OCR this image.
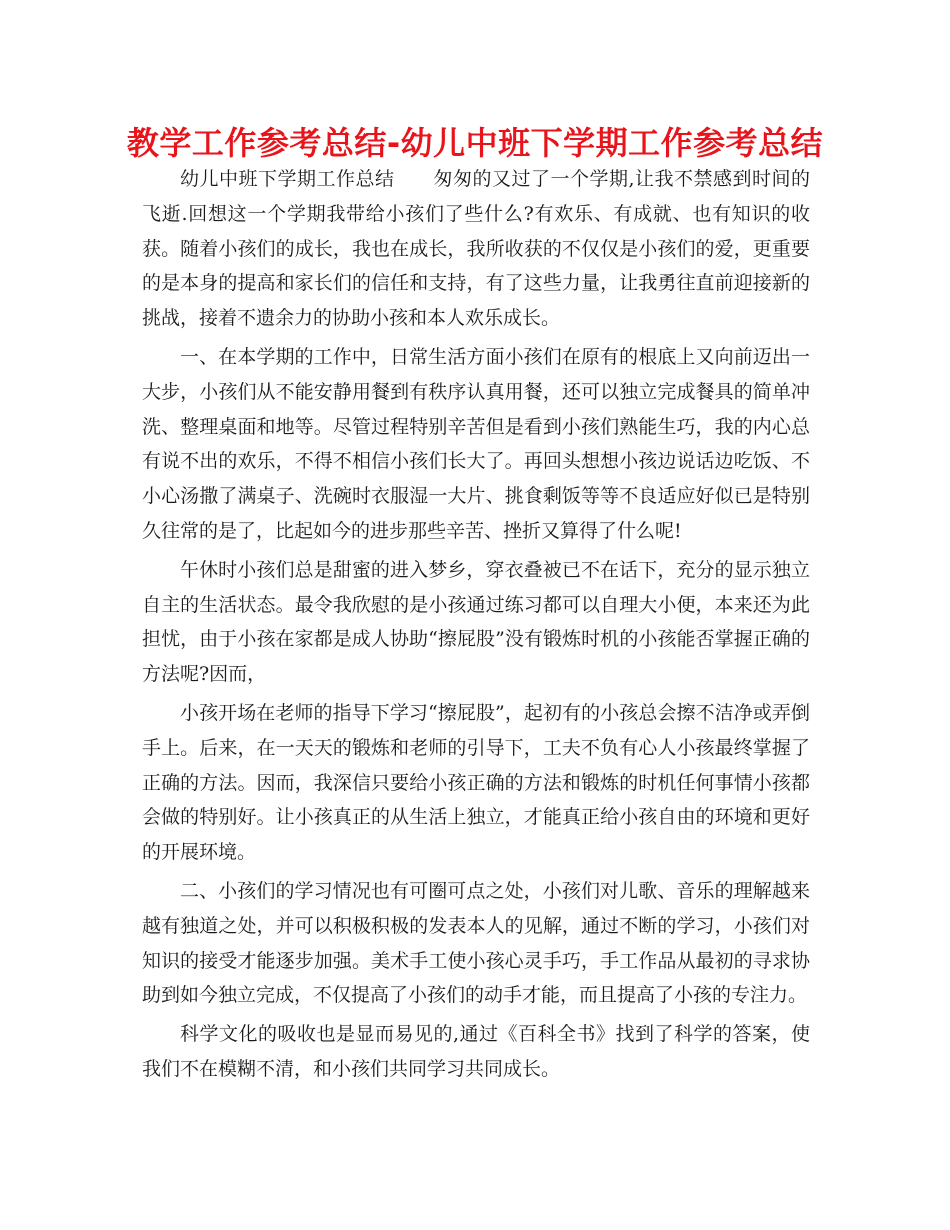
教学工作参考总结-幼儿中班下学期工作参考总结

幼儿中班下学期工作总结　　匆匆的又过了一个学期,让我不禁感到时间的飞逝.回想这一个学期我带给小孩们了些什么?有欢乐、有成就、也有知识的收获。随着小孩们的成长，我也在成长，我所收获的不仅仅是小孩们的爱，更重要的是本身的提高和家长们的信任和支持，有了这些力量，让我勇往直前迎接新的挑战，接着不遗余力的协助小孩和本人欢乐成长。

一、在本学期的工作中，日常生活方面小孩们在原有的根底上又向前迈出一大步，小孩们从不能安静用餐到有秩序认真用餐，还可以独立完成餐具的简单冲洗、整理桌面和地等。尽管过程特别辛苦但是看到小孩们熟能生巧，我的内心总有说不出的欢乐，不得不相信小孩们长大了。再回头想想小孩边说话边吃饭、不小心汤撒了满桌子、洗碗时衣服湿一大片、挑食剩饭等等不良适应好似已是特别久往常的是了，比起如今的进步那些辛苦、挫折又算得了什么呢!

午休时小孩们总是甜蜜的进入梦乡，穿衣叠被已不在话下，充分的显示独立自主的生活状态。最令我欣慰的是小孩通过练习都可以自理大小便，本来还为此担忧，由于小孩在家都是成人协助“擦屁股”没有锻炼时机的小孩能否掌握正确的方法呢?因而，

小孩开场在老师的指导下学习“擦屁股”，起初有的小孩总会擦不洁净或弄倒手上。后来，在一天天的锻炼和老师的引导下，工夫不负有心人小孩最终掌握了正确的方法。因而，我深信只要给小孩正确的方法和锻炼的时机任何事情小孩都会做的特别好。让小孩真正的从生活上独立，才能真正给小孩自由的环境和更好的开展环境。

二、小孩们的学习情况也有可圈可点之处，小孩们对儿歌、音乐的理解越来越有独道之处，并可以积极积极的发表本人的见解，通过不断的学习，小孩们对知识的接受才能逐步加强。美术手工使小孩心灵手巧，手工作品从最初的寻求协助到如今独立完成，不仅提高了小孩们的动手才能，而且提高了小孩的专注力。

科学文化的吸收也是显而易见的,通过《百科全书》找到了科学的答案，使我们不在模糊不清，和小孩们共同学习共同成长。
